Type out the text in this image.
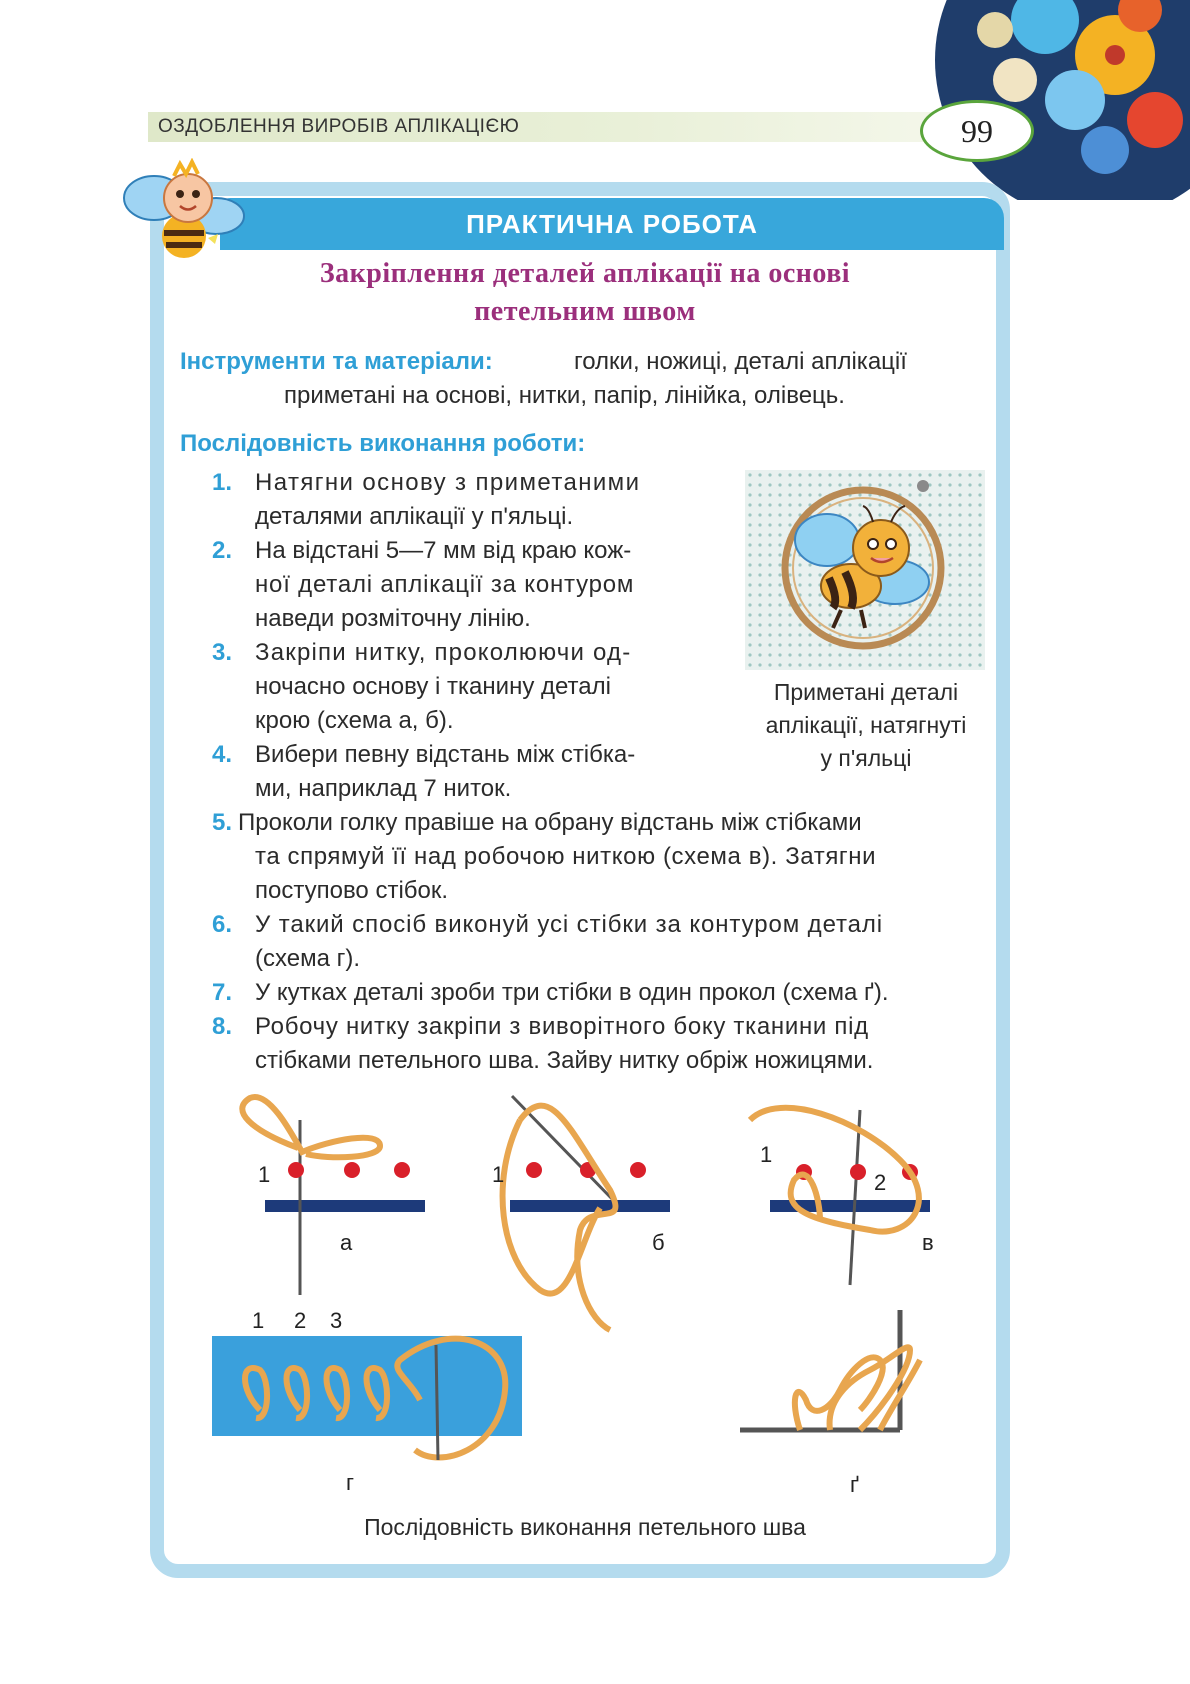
ОЗДОБЛЕННЯ ВИРОБІВ АПЛІКАЦІЄЮ	99
ПРАКТИЧНА РОБОТА
Закріплення деталей аплікації на основі
петельним швом
Інструменти та матеріали:	голки, ножиці, деталі аплікації
приметані на основі, нитки, папір, лінійка, олівець.
Послідовність виконання роботи:
1. Натягни основу з приметаними
деталями аплікації у п'яльці.
2. На відстані 5—7 мм від краю кож-
ної деталі аплікації за контуром
наведи розміточну лінію.
3. Закріпи нитку, проколюючи од-
ночасно основу і тканину деталі
крою (схема а, б).
4. Вибери певну відстань між стібка-
ми, наприклад 7 ниток.
Приметані деталі
аплікації, натягнуті
у п'яльці
5. Проколи голку правіше на обрану відстань між стібками
та спрямуй її над робочою ниткою (схема в). Затягни
поступово стібок.
6. У такий спосіб виконуй усі стібки за контуром деталі
(схема г).
7. У кутках деталі зроби три стібки в один прокол (схема ґ).
8. Робочу нитку закріпи з виворітного боку тканини під
стібками петельного шва. Зайву нитку обріж ножицями.
1
а
1
б
1
2
в
1 2 3
г	ґ
Послідовність виконання петельного шва
